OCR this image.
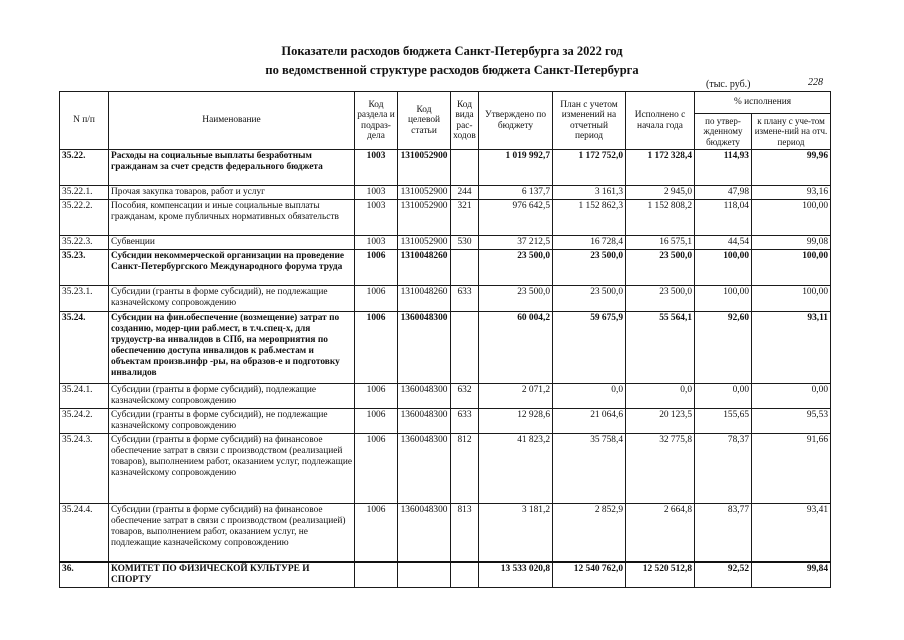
Показатели расходов бюджета Санкт-Петербурга за 2022 год
по ведомственной структуре расходов бюджета Санкт-Петербурга
(тыс. руб.)	228
N п/п	Наименование	Код раздела и подраз-дела	Код целевой статьи	Код вида рас-ходов	Утверждено по бюджету	План с учетом изменений на отчетный период	Исполнено с начала года	% исполнения	
								по утвер-жденному бюджету	к плану с уче-том измене-ний на отч. период
35.22.	Расходы на социальные выплаты безработным гражданам за счет средств федерального бюджета	1003	1310052900		1 019 992,7	1 172 752,0	1 172 328,4	114,93	99,96
35.22.1.	Прочая закупка товаров, работ и услуг	1003	1310052900	244	6 137,7	3 161,3	2 945,0	47,98	93,16
35.22.2.	Пособия, компенсации и иные социальные выплаты гражданам, кроме публичных нормативных обязательств	1003	1310052900	321	976 642,5	1 152 862,3	1 152 808,2	118,04	100,00
35.22.3.	Субвенции	1003	1310052900	530	37 212,5	16 728,4	16 575,1	44,54	99,08
35.23.	Субсидии некоммерческой организации на проведение Санкт-Петербургского Международного форума труда	1006	1310048260		23 500,0	23 500,0	23 500,0	100,00	100,00
35.23.1.	Субсидии (гранты в форме субсидий), не подлежащие казначейскому сопровождению	1006	1310048260	633	23 500,0	23 500,0	23 500,0	100,00	100,00
35.24.	Субсидии на фин.обеспечение (возмещение) затрат по созданию, модер-ции раб.мест, в т.ч.спец-х, для трудоустр-ва инвалидов в СПб, на мероприятия по обеспечению доступа инвалидов к раб.местам и объектам произв.инфр -ры, на образов-е и подготовку инвалидов	1006	1360048300		60 004,2	59 675,9	55 564,1	92,60	93,11
35.24.1.	Субсидии (гранты в форме субсидий), подлежащие казначейскому сопровождению	1006	1360048300	632	2 071,2	0,0	0,0	0,00	0,00
35.24.2.	Субсидии (гранты в форме субсидий), не подлежащие казначейскому сопровождению	1006	1360048300	633	12 928,6	21 064,6	20 123,5	155,65	95,53
35.24.3.	Субсидии (гранты в форме субсидий) на финансовое обеспечение затрат в связи с производством (реализацией товаров), выполнением работ, оказанием услуг, подлежащие казначейскому сопровождению	1006	1360048300	812	41 823,2	35 758,4	32 775,8	78,37	91,66
35.24.4.	Субсидии (гранты в форме субсидий) на финансовое обеспечение затрат в связи с производством (реализацией) товаров, выполнением работ, оказанием услуг, не подлежащие казначейскому сопровождению	1006	1360048300	813	3 181,2	2 852,9	2 664,8	83,77	93,41
36.	КОМИТЕТ ПО ФИЗИЧЕСКОЙ КУЛЬТУРЕ И СПОРТУ				13 533 020,8	12 540 762,0	12 520 512,8	92,52	99,84
